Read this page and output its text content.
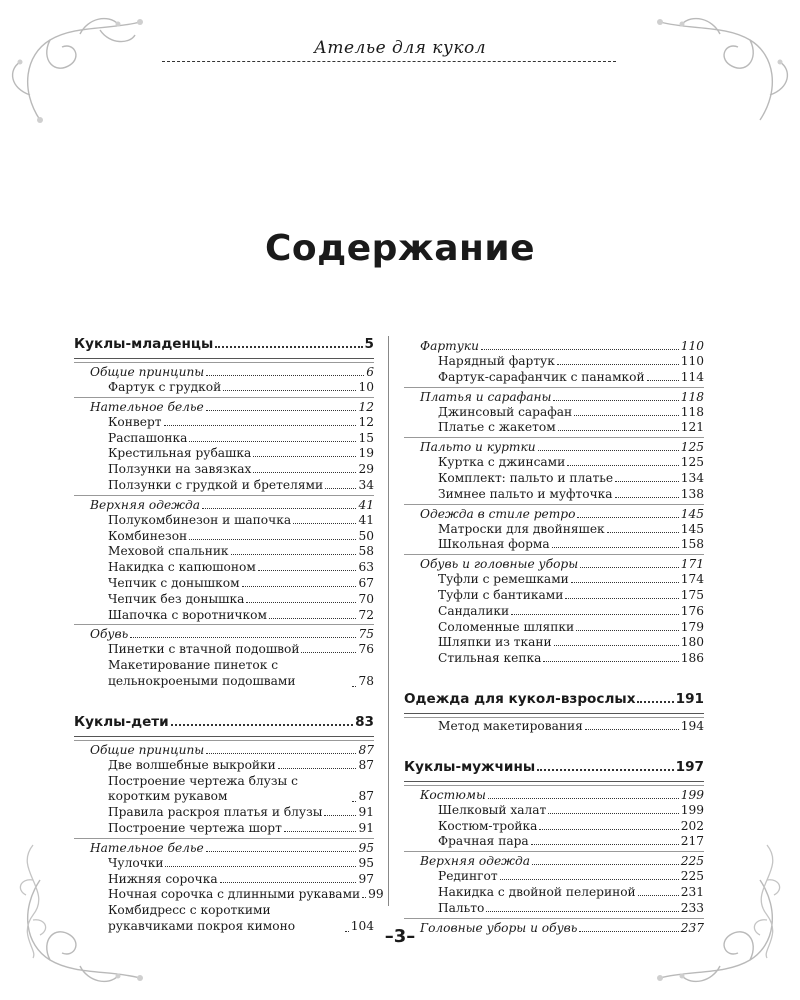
Ателье для кукол
Содержание
Куклы-младенцы	5
Общие принципы	6
Фартук с грудкой	10
Нательное белье	12
Конверт	12
Распашонка	15
Крестильная рубашка	19
Ползунки на завязках	29
Ползунки с грудкой и бретелями	34
Верхняя одежда	41
Полукомбинезон и шапочка	41
Комбинезон	50
Меховой спальник	58
Накидка с капюшоном	63
Чепчик с донышком	67
Чепчик без донышка	70
Шапочка с воротничком	72
Обувь	75
Пинетки с втачной подошвой	76
Макетирование пинеток с цельнокроеными подошвами	78
Куклы-дети	83
Общие принципы	87
Две волшебные выкройки	87
Построение чертежа блузы с коротким рукавом	87
Правила раскроя платья и блузы	91
Построение чертежа шорт	91
Нательное белье	95
Чулочки	95
Нижняя сорочка	97
Ночная сорочка с длинными рукавами 99
Комбидресс с короткими рукавчиками покроя кимоно	104
Фартуки	110
Нарядный фартук	110
Фартук-сарафанчик с панамкой	114
Платья и сарафаны	118
Джинсовый сарафан	118
Платье с жакетом	121
Пальто и куртки	125
Куртка с джинсами	125
Комплект: пальто и платье	134
Зимнее пальто и муфточка	138
Одежда в стиле ретро	145
Матроски для двойняшек	145
Школьная форма	158
Обувь и головные уборы	171
Туфли с ремешками	174
Туфли с бантиками	175
Сандалики	176
Соломенные шляпки	179
Шляпки из ткани	180
Стильная кепка	186
Одежда для кукол-взрослых	191
Метод макетирования	194
Куклы-мужчины	197
Костюмы	199
Шелковый халат	199
Костюм-тройка	202
Фрачная пара	217
Верхняя одежда	225
Редингот	225
Накидка с двойной пелериной	231
Пальто	233
Головные уборы и обувь	237
–3–
